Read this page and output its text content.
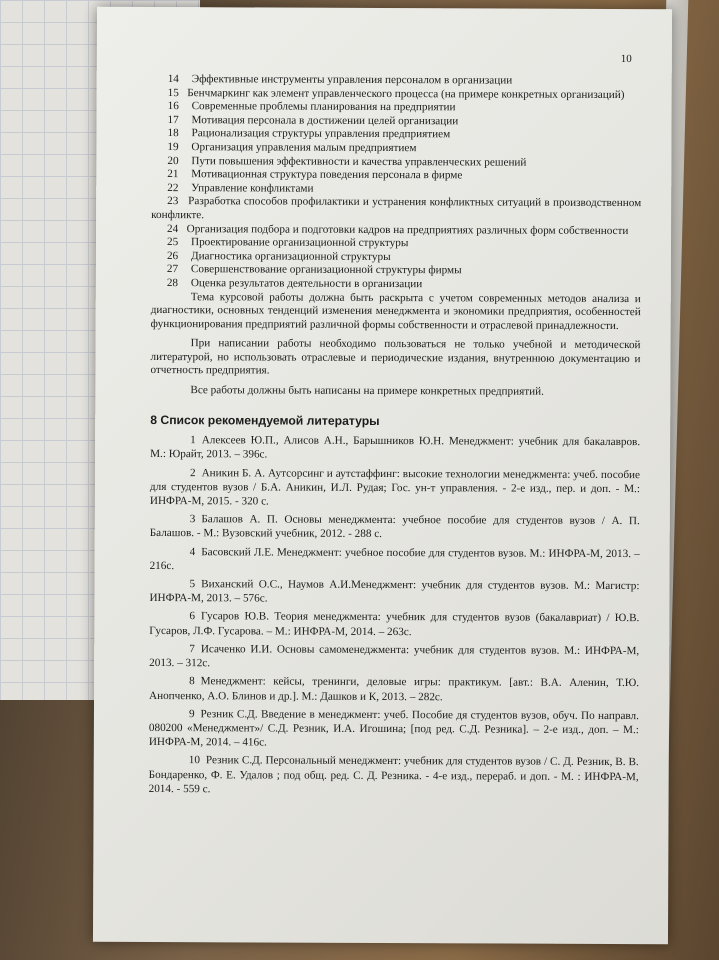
10

14 Эффективные инструменты управления персоналом в организации

15 Бенчмаркинг как элемент управленческого процесса (на примере конкретных организаций)

16 Современные проблемы планирования на предприятии

17 Мотивация персонала в достижении целей организации

18 Рационализация структуры управления предприятием

19 Организация управления малым предприятием

20 Пути повышения эффективности и качества управленческих решений

21 Мотивационная структура поведения персонала в фирме

22 Управление конфликтами

23 Разработка способов профилактики и устранения конфликтных ситуаций в производственном конфликте.

24 Организация подбора и подготовки кадров на предприятиях различных форм собственности

25 Проектирование организационной структуры

26 Диагностика организационной структуры

27 Совершенствование организационной структуры фирмы

28 Оценка результатов деятельности в организации

Тема курсовой работы должна быть раскрыта с учетом современных методов анализа и диагностики, основных тенденций изменения менеджмента и экономики предприятия, особенностей функционирования предприятий различной формы собственности и отраслевой принадлежности.

При написании работы необходимо пользоваться не только учебной и методической литературой, но использовать отраслевые и периодические издания, внутреннюю документацию и отчетность предприятия.

Все работы должны быть написаны на примере конкретных предприятий.

8 Список рекомендуемой литературы

1 Алексеев Ю.П., Алисов А.Н., Барышников Ю.Н. Менеджмент: учебник для бакалавров. М.: Юрайт, 2013. – 396с.

2 Аникин Б. А. Аутсорсинг и аутстаффинг: высокие технологии менеджмента: учеб. пособие для студентов вузов / Б.А. Аникин, И.Л. Рудая; Гос. ун-т управления. - 2-е изд., пер. и доп. - М.: ИНФРА-М, 2015. - 320 с.

3 Балашов А. П. Основы менеджмента: учебное пособие для студентов вузов / А. П. Балашов. - М.: Вузовский учебник, 2012. - 288 с.

4 Басовский Л.Е. Менеджмент: учебное пособие для студентов вузов. М.: ИНФРА-М, 2013. – 216с.

5 Виханский О.С., Наумов А.И.Менеджмент: учебник для студентов вузов. М.: Магистр: ИНФРА-М, 2013. – 576с.

6 Гусаров Ю.В. Теория менеджмента: учебник для студентов вузов (бакалавриат) / Ю.В. Гусаров, Л.Ф. Гусарова. – М.: ИНФРА-М, 2014. – 263с.

7 Исаченко И.И. Основы самоменеджмента: учебник для студентов вузов. М.: ИНФРА-М, 2013. – 312с.

8 Менеджмент: кейсы, тренинги, деловые игры: практикум. [авт.: В.А. Аленин, Т.Ю. Анопченко, А.О. Блинов и др.]. М.: Дашков и К, 2013. – 282с.

9 Резник С.Д. Введение в менеджмент: учеб. Пособие дя студентов вузов, обуч. По направл. 080200 «Менеджмент»/ С.Д. Резник, И.А. Игошина; [под ред. С.Д. Резника]. – 2-е изд., доп. – М.: ИНФРА-М, 2014. – 416с.

10 Резник С.Д. Персональный менеджмент: учебник для студентов вузов / С. Д. Резник, В. В. Бондаренко, Ф. Е. Удалов ; под общ. ред. С. Д. Резника. - 4-е изд., перераб. и доп. - М. : ИНФРА-М, 2014. - 559 с.
